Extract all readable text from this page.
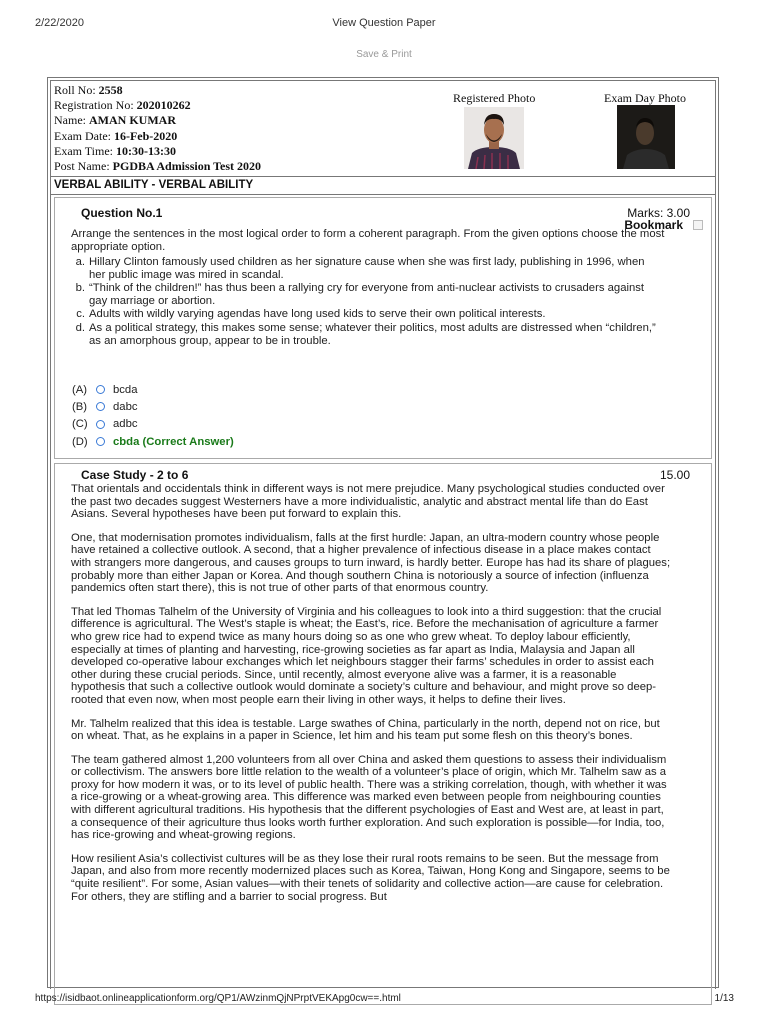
2/22/2020	View Question Paper
Save & Print
Roll No: 2558
Registration No: 202010262
Name: AMAN KUMAR
Exam Date: 16-Feb-2020
Exam Time: 10:30-13:30
Post Name: PGDBA Admission Test 2020
Registered Photo	Exam Day Photo
VERBAL ABILITY - VERBAL ABILITY
Question No.1	Marks: 3.00
Bookmark
Arrange the sentences in the most logical order to form a coherent paragraph. From the given options choose the most appropriate option.
a. Hillary Clinton famously used children as her signature cause when she was first lady, publishing in 1996, when her public image was mired in scandal.
b. “Think of the children!” has thus been a rallying cry for everyone from anti-nuclear activists to crusaders against gay marriage or abortion.
c. Adults with wildly varying agendas have long used kids to serve their own political interests.
d. As a political strategy, this makes some sense; whatever their politics, most adults are distressed when “children,” as an amorphous group, appear to be in trouble.
(A)	bcda
(B)	dabc
(C)	adbc
(D)	cbda (Correct Answer)
Case Study - 2 to 6	15.00

That orientals and occidentals think in different ways is not mere prejudice. Many psychological studies conducted over the past two decades suggest Westerners have a more individualistic, analytic and abstract mental life than do East Asians. Several hypotheses have been put forward to explain this.

One, that modernisation promotes individualism, falls at the first hurdle: Japan, an ultra-modern country whose people have retained a collective outlook. A second, that a higher prevalence of infectious disease in a place makes contact with strangers more dangerous, and causes groups to turn inward, is hardly better. Europe has had its share of plagues; probably more than either Japan or Korea. And though southern China is notoriously a source of infection (influenza pandemics often start there), this is not true of other parts of that enormous country.

That led Thomas Talhelm of the University of Virginia and his colleagues to look into a third suggestion: that the crucial difference is agricultural. The West’s staple is wheat; the East’s, rice. Before the mechanisation of agriculture a farmer who grew rice had to expend twice as many hours doing so as one who grew wheat. To deploy labour efficiently, especially at times of planting and harvesting, rice-growing societies as far apart as India, Malaysia and Japan all developed co-operative labour exchanges which let neighbours stagger their farms’ schedules in order to assist each other during these crucial periods. Since, until recently, almost everyone alive was a farmer, it is a reasonable hypothesis that such a collective outlook would dominate a society’s culture and behaviour, and might prove so deep-rooted that even now, when most people earn their living in other ways, it helps to define their lives.

Mr. Talhelm realized that this idea is testable. Large swathes of China, particularly in the north, depend not on rice, but on wheat. That, as he explains in a paper in Science, let him and his team put some flesh on this theory’s bones.

The team gathered almost 1,200 volunteers from all over China and asked them questions to assess their individualism or collectivism. The answers bore little relation to the wealth of a volunteer’s place of origin, which Mr. Talhelm saw as a proxy for how modern it was, or to its level of public health. There was a striking correlation, though, with whether it was a rice-growing or a wheat-growing area. This difference was marked even between people from neighbouring counties with different agricultural traditions. His hypothesis that the different psychologies of East and West are, at least in part, a consequence of their agriculture thus looks worth further exploration. And such exploration is possible—for India, too, has rice-growing and wheat-growing regions.

How resilient Asia’s collectivist cultures will be as they lose their rural roots remains to be seen. But the message from Japan, and also from more recently modernized places such as Korea, Taiwan, Hong Kong and Singapore, seems to be “quite resilient”. For some, Asian values—with their tenets of solidarity and collective action—are cause for celebration. For others, they are stifling and a barrier to social progress. But

https://isidbaot.onlineapplicationform.org/QP1/AWzinmQjNPrptVEKApg0cw==.html	1/13
